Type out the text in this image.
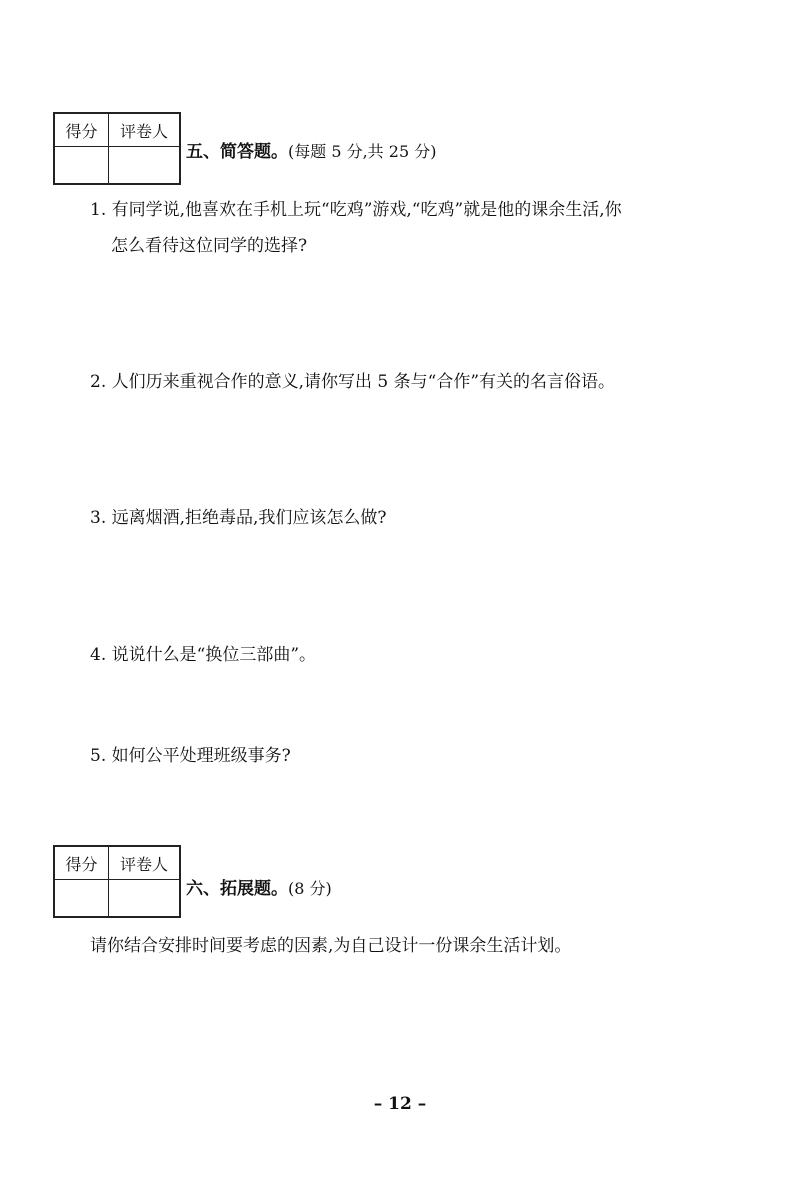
得分	评卷人

五、简答题。(每题 5 分,共 25 分)
1. 有同学说,他喜欢在手机上玩“吃鸡”游戏,“吃鸡”就是他的课余生活,你
怎么看待这位同学的选择?
2. 人们历来重视合作的意义,请你写出 5 条与“合作”有关的名言俗语。
3. 远离烟酒,拒绝毒品,我们应该怎么做?
4. 说说什么是“换位三部曲”。
5. 如何公平处理班级事务?
得分	评卷人

六、拓展题。(8 分)
请你结合安排时间要考虑的因素,为自己设计一份课余生活计划。
– 12 –
